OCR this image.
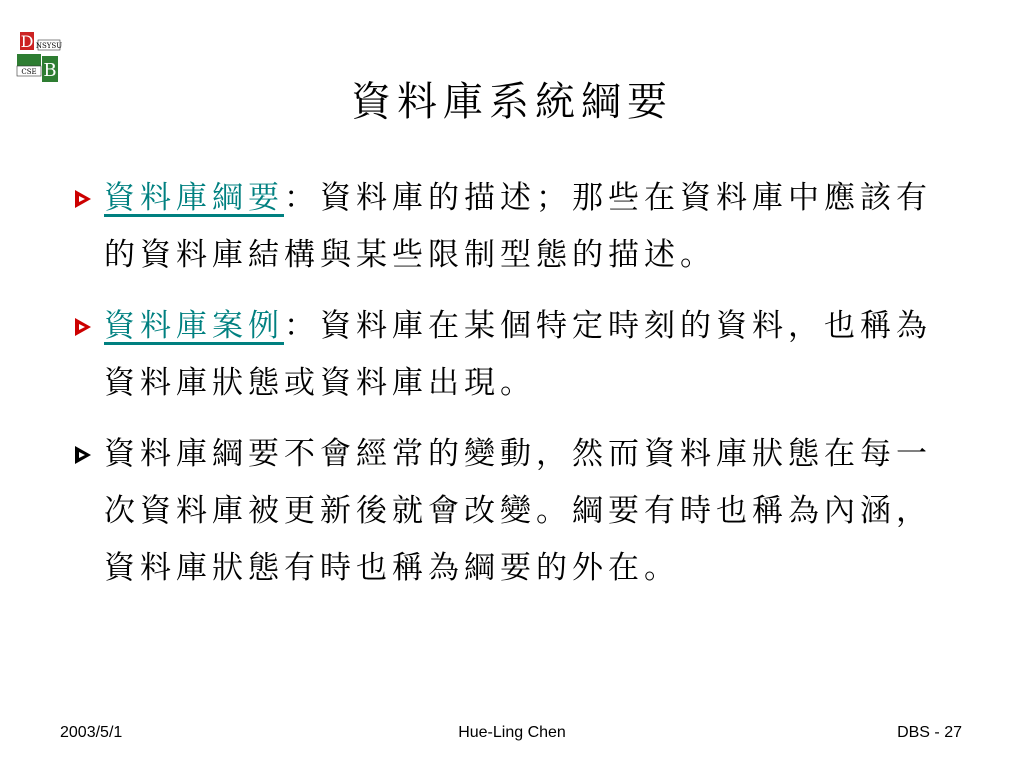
D NSYSU
CSE B
資料庫系統綱要
資料庫綱要：資料庫的描述；那些在資料庫中應該有的資料庫結構與某些限制型態的描述。
資料庫案例：資料庫在某個特定時刻的資料，也稱為資料庫狀態或資料庫出現。
資料庫綱要不會經常的變動，然而資料庫狀態在每一次資料庫被更新後就會改變。綱要有時也稱為內涵，資料庫狀態有時也稱為綱要的外在。
2003/5/1	Hue-Ling Chen	DBS - 27
